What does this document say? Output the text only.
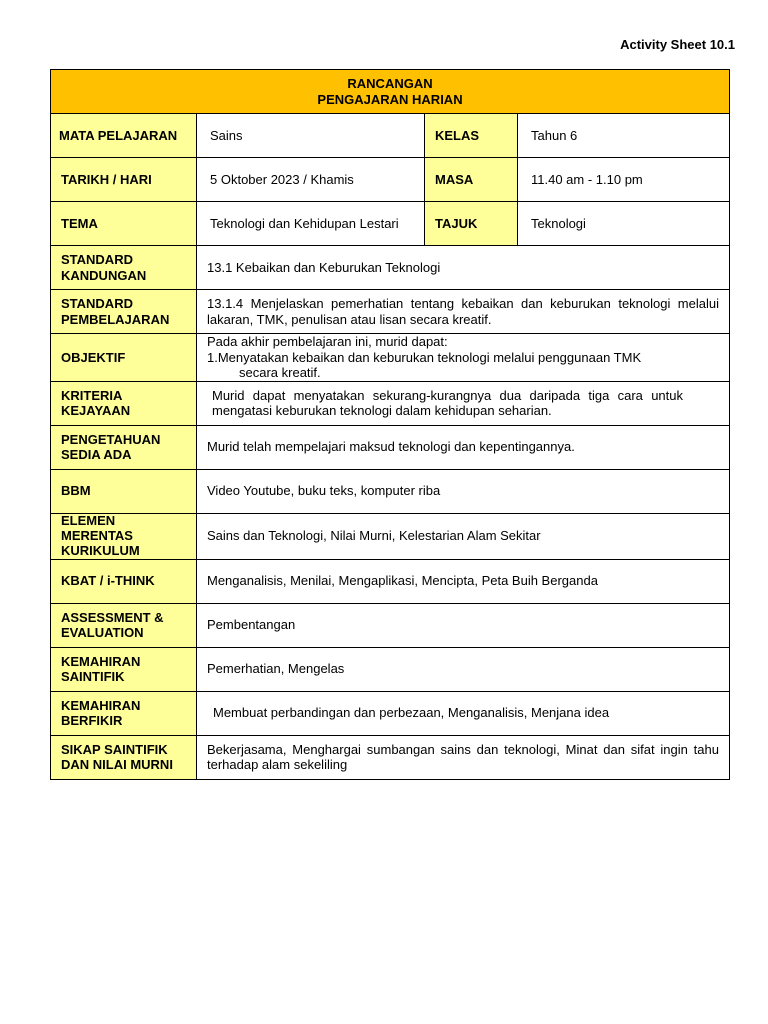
Activity Sheet 10.1
RANCANGAN
PENGAJARAN HARIAN			

MATA PELAJARAN	Sains	KELAS	Tahun 6
TARIKH / HARI	5 Oktober 2023 / Khamis	MASA	11.40 am - 1.10 pm
TEMA	Teknologi dan Kehidupan Lestari	TAJUK	Teknologi
STANDARD KANDUNGAN	13.1 Kebaikan dan Keburukan Teknologi		
STANDARD PEMBELAJARAN	13.1.4 Menjelaskan pemerhatian tentang kebaikan dan keburukan teknologi melalui lakaran, TMK, penulisan atau lisan secara kreatif.		
OBJEKTIF	Pada akhir pembelajaran ini, murid dapat:
1. Menyatakan kebaikan dan keburukan teknologi melalui penggunaan TMK
secara kreatif.		

KRITERIA KEJAYAAN	Murid dapat menyatakan sekurang-kurangnya dua daripada tiga cara untuk mengatasi keburukan teknologi dalam kehidupan seharian.		
PENGETAHUAN SEDIA ADA	Murid telah mempelajari maksud teknologi dan kepentingannya.		
BBM	Video Youtube, buku teks, komputer riba		
ELEMEN MERENTAS KURIKULUM	Sains dan Teknologi, Nilai Murni, Kelestarian Alam Sekitar		
KBAT / i-THINK	Menganalisis, Menilai, Mengaplikasi, Mencipta, Peta Buih Berganda		
ASSESSMENT & EVALUATION	Pembentangan		
KEMAHIRAN SAINTIFIK	Pemerhatian, Mengelas		
KEMAHIRAN BERFIKIR	Membuat perbandingan dan perbezaan, Menganalisis, Menjana idea		
SIKAP SAINTIFIK DAN NILAI MURNI	Bekerjasama, Menghargai sumbangan sains dan teknologi, Minat dan sifat ingin tahu terhadap alam sekeliling		
